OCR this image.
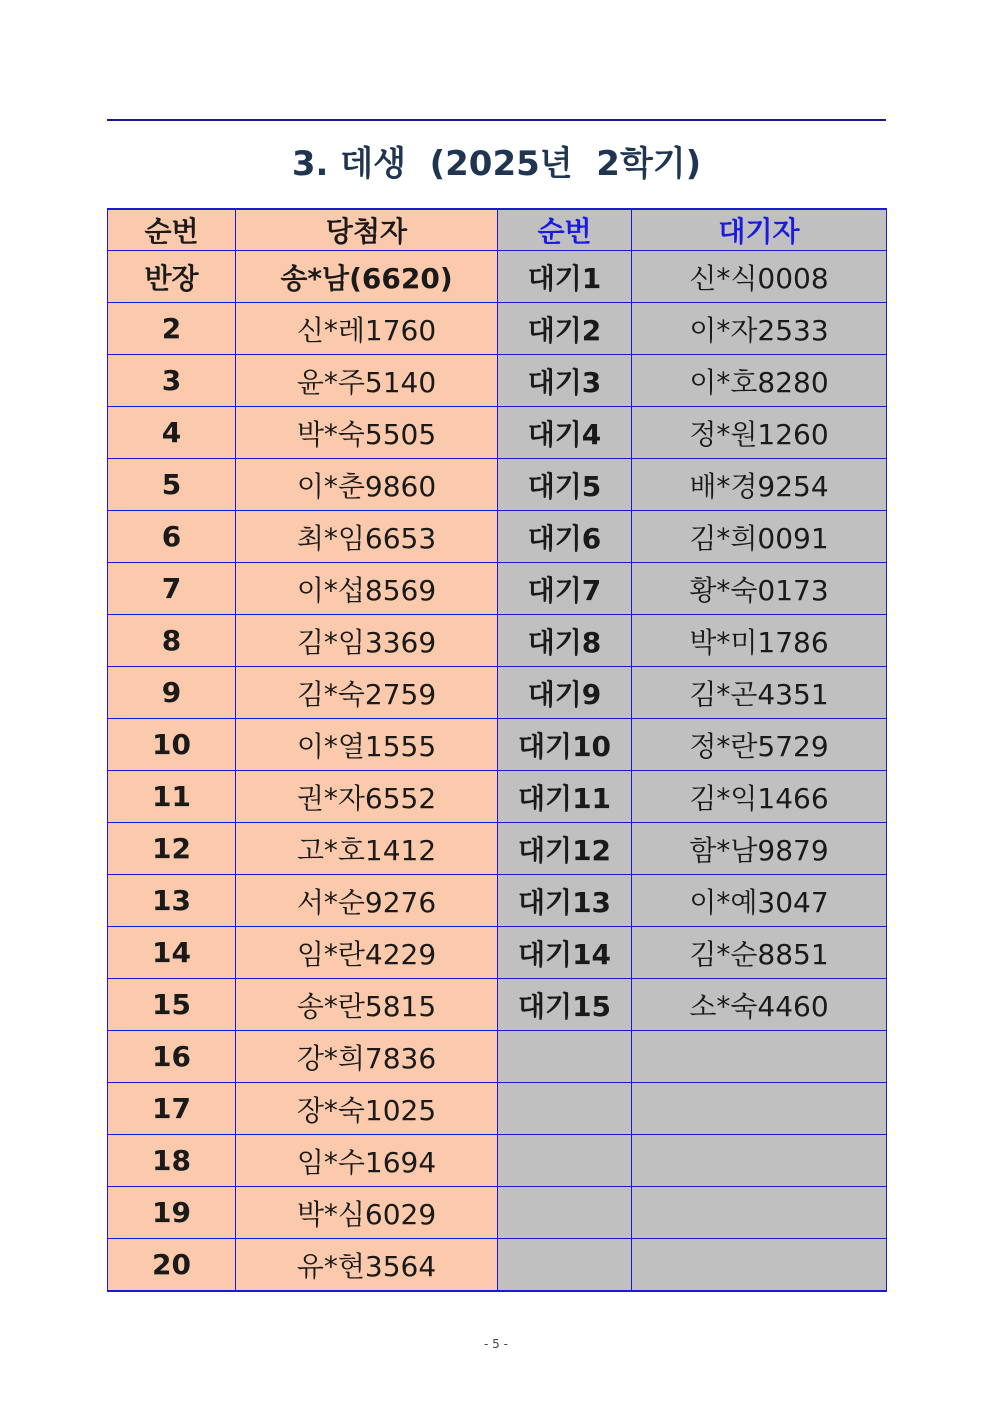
3. 데생  (2025년  2학기)
순번	당첨자	순번	대기자
반장	송*남(6620)	대기1	신*식0008
2	신*레1760	대기2	이*자2533
3	윤*주5140	대기3	이*호8280
4	박*숙5505	대기4	정*원1260
5	이*춘9860	대기5	배*경9254
6	최*임6653	대기6	김*희0091
7	이*섭8569	대기7	황*숙0173
8	김*임3369	대기8	박*미1786
9	김*숙2759	대기9	김*곤4351
10	이*열1555	대기10	정*란5729
11	권*자6552	대기11	김*익1466
12	고*호1412	대기12	함*남9879
13	서*순9276	대기13	이*예3047
14	임*란4229	대기14	김*순8851
15	송*란5815	대기15	소*숙4460
16	강*희7836		
17	장*숙1025		
18	임*수1694		
19	박*심6029		
20	유*현3564		
- 5 -
